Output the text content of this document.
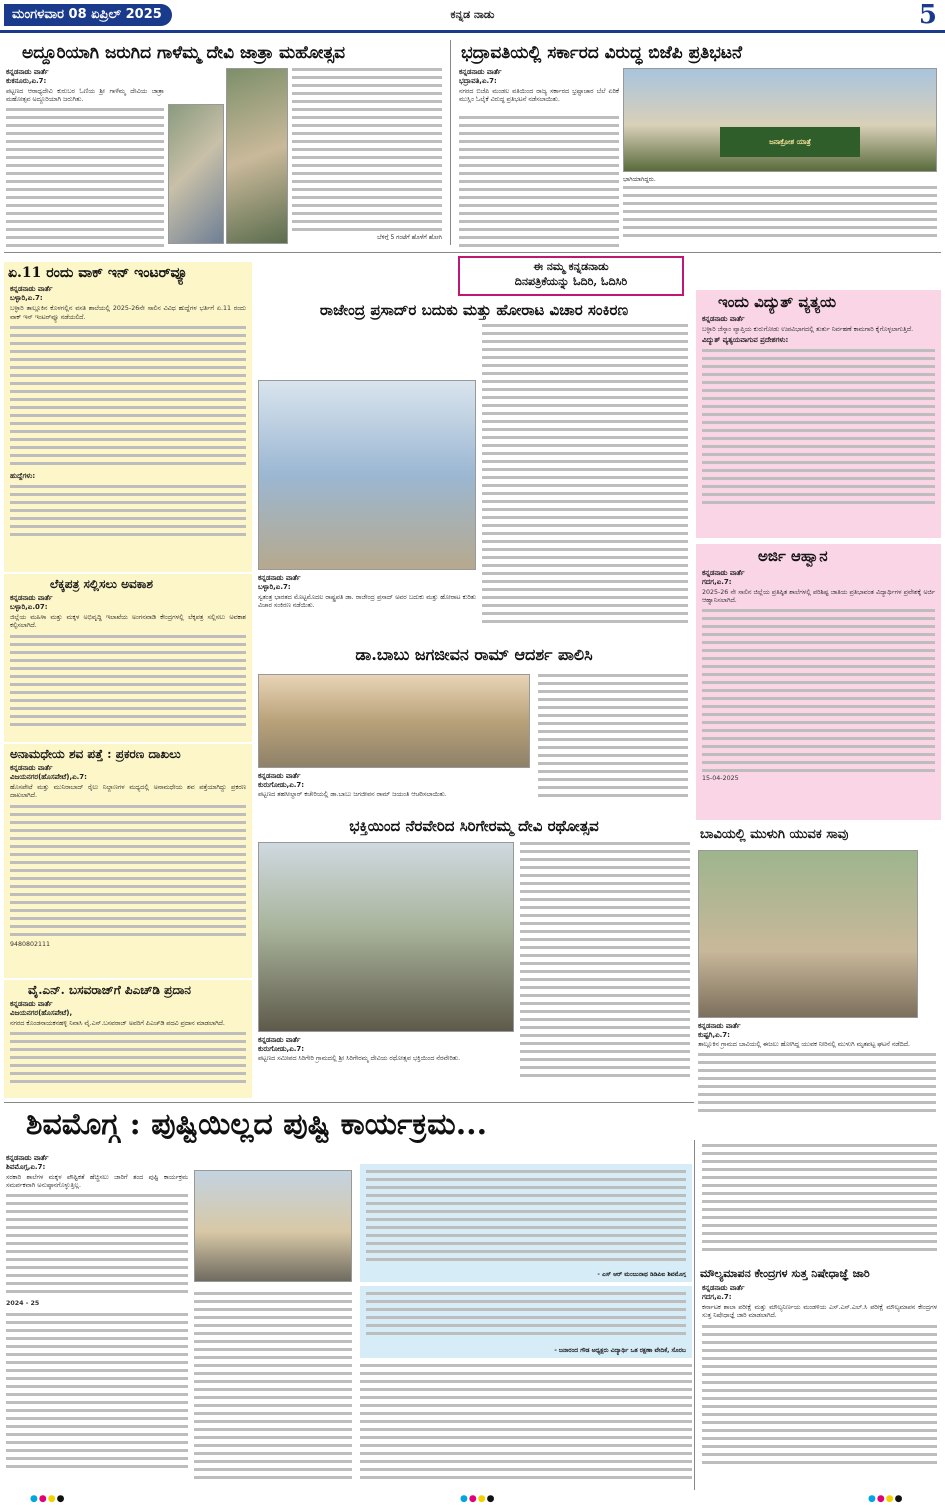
ಮಂಗಳವಾರ 08 ಏಪ್ರಿಲ್ 2025	ಕನ್ನಡ ನಾಡು	5
ಅದ್ದೂರಿಯಾಗಿ ಜರುಗಿದ ಗಾಳೆಮ್ಮ ದೇವಿ ಜಾತ್ರಾ ಮಹೋತ್ಸವ
ಕನ್ನಡನಾಡು ವಾರ್ತೆ
ಕುಕನೂರು,ಏ.7:
ಪಟ್ಟಣದ ಆರಾಧ್ಯದೇವಿ ಕುರುಬರ ಓಣಿಯ ಶ್ರೀ ಗಾಳೆಮ್ಮ ದೇವಿಯ ಜಾತ್ರಾ ಮಹೋತ್ಸವ ಅದ್ದೂರಿಯಾಗಿ ಜರುಗಿತು.
ಬೆಳಿಗ್ಗೆ 5 ಗಂಟೆಗೆ ಹೊಳೆಗೆ ಹೋಗಿ
ಭದ್ರಾವತಿಯಲ್ಲಿ ಸರ್ಕಾರದ ವಿರುದ್ಧ ಬಿಜೆಪಿ ಪ್ರತಿಭಟನೆ
ಕನ್ನಡನಾಡು ವಾರ್ತೆ
ಭದ್ರಾವತಿ,ಏ.7:
ನಗರದ ಬಿಜೆಪಿ ಮಂಡಲ ವತಿಯಿಂದ ರಾಜ್ಯ ಸರ್ಕಾರದ ಭ್ರಷ್ಟಾಚಾರ ಬೆಲೆ ಏರಿಕೆ ಮುಸ್ಲಿಂ ಓಲೈಕೆ ವಿರುದ್ಧ ಪ್ರತಿಭಟನೆ ನಡೆಸಲಾಯಿತು.
ಜನಾಕ್ರೋಶ ಯಾತ್ರೆ
ಭಾಗಿಯಾಗಿದ್ದರು.
ಈ ನಮ್ಮ ಕನ್ನಡನಾಡು
ದಿನಪತ್ರಿಕೆಯನ್ನು ಓದಿರಿ, ಓದಿಸಿರಿ
ಏ.11 ರಂದು ವಾಕ್ ಇನ್ ಇಂಟರ್‌ವ್ಯೂ
ಕನ್ನಡನಾಡು ವಾರ್ತೆ
ಬಳ್ಳಾರಿ,ಏ.7:
ಬಳ್ಳಾರಿ ತಾಲ್ಲೂಕಿನ ಕೊಳಗಲ್ಲಿನ ವಸತಿ ಶಾಲೆಯಲ್ಲಿ 2025-26ನೇ ಸಾಲಿನ ವಿವಿಧ ಹುದ್ದೆಗಳ ಭರ್ತಿಗೆ ಏ.11 ರಂದು ವಾಕ್ ಇನ್ ಇಂಟರ್‌ವ್ಯೂ ನಡೆಯಲಿದೆ.
ಹುದ್ದೆಗಳು:
ಲೆಕ್ಕಪತ್ರ ಸಲ್ಲಿಸಲು ಅವಕಾಶ
ಕನ್ನಡನಾಡು ವಾರ್ತೆ
ಬಳ್ಳಾರಿ,ಏ.07:
ಜಿಲ್ಲೆಯ ಮಹಿಳಾ ಮತ್ತು ಮಕ್ಕಳ ಅಭಿವೃದ್ಧಿ ಇಲಾಖೆಯ ಅಂಗನವಾಡಿ ಕೇಂದ್ರಗಳಲ್ಲಿ ಲೆಕ್ಕಪತ್ರ ಸಲ್ಲಿಸಲು ಅವಕಾಶ ಕಲ್ಪಿಸಲಾಗಿದೆ.
ಅನಾಮಧೇಯ ಶವ ಪತ್ತೆ : ಪ್ರಕರಣ ದಾಖಲು
ಕನ್ನಡನಾಡು ವಾರ್ತೆ
ವಿಜಯನಗರ(ಹೊಸಪೇಟೆ),ಏ.7:
ಹೊಸಪೇಟೆ ಮತ್ತು ಮುನಿರಾಬಾದ್ ರೈಲು ನಿಲ್ದಾಣಗಳ ಮಧ್ಯದಲ್ಲಿ ಅನಾಮಧೇಯ ಶವ ಪತ್ತೆಯಾಗಿದ್ದು ಪ್ರಕರಣ ದಾಖಲಾಗಿದೆ.
9480802111
ವೈ.ಎನ್. ಬಸವರಾಜ್‌ಗೆ ಪಿಎಚ್‌ಡಿ ಪ್ರದಾನ
ಕನ್ನಡನಾಡು ವಾರ್ತೆ
ವಿಜಯನಗರ(ಹೊಸಪೇಟೆ),
ನಗರದ ಕೊಂಡನಾಯಕನಹಳ್ಳಿ ನಿವಾಸಿ ವೈ.ಎನ್.ಬಸವರಾಜ್ ಅವರಿಗೆ ಪಿಎಚ್‌ಡಿ ಪದವಿ ಪ್ರದಾನ ಮಾಡಲಾಗಿದೆ.
ರಾಜೇಂದ್ರ ಪ್ರಸಾದ್‌ರ ಬದುಕು ಮತ್ತು ಹೋರಾಟ ವಿಚಾರ ಸಂಕಿರಣ
ಕನ್ನಡನಾಡು ವಾರ್ತೆ
ಬಳ್ಳಾರಿ,ಏ.7:
ಸ್ವತಂತ್ರ ಭಾರತದ ಮೊಟ್ಟಮೊದಲ ರಾಷ್ಟ್ರಪತಿ ಡಾ. ರಾಜೇಂದ್ರ ಪ್ರಸಾದ್ ಅವರ ಬದುಕು ಮತ್ತು ಹೋರಾಟ ಕುರಿತು ವಿಚಾರ ಸಂಕಿರಣ ನಡೆಯಿತು.
ಇಂದು ವಿದ್ಯುತ್ ವ್ಯತ್ಯಯ
ಕನ್ನಡನಾಡು ವಾರ್ತೆ
ಬಳ್ಳಾರಿ ಜೆಸ್ಕಾಂ ವ್ಯಾಪ್ತಿಯ ಕುರುಗೋಡು ಉಪವಿಭಾಗದಲ್ಲಿ ತುರ್ತು ನಿರ್ವಹಣೆ ಕಾಮಗಾರಿ ಕೈಗೊಳ್ಳಲಾಗುತ್ತಿದೆ.
ವಿದ್ಯುತ್ ವ್ಯತ್ಯಯವಾಗುವ ಪ್ರದೇಶಗಳು:
ಅರ್ಜಿ ಆಹ್ವಾನ
ಕನ್ನಡನಾಡು ವಾರ್ತೆ
ಗದಗ,ಏ.7:
2025-26 ನೇ ಸಾಲಿನ ಜಿಲ್ಲೆಯ ಪ್ರತಿಷ್ಠಿತ ಶಾಲೆಗಳಲ್ಲಿ ಪರಿಶಿಷ್ಟ ಜಾತಿಯ ಪ್ರತಿಭಾವಂತ ವಿದ್ಯಾರ್ಥಿಗಳ ಪ್ರವೇಶಕ್ಕೆ ಅರ್ಜಿ ಆಹ್ವಾನಿಸಲಾಗಿದೆ.
15-04-2025
ಡಾ.ಬಾಬು ಜಗಜೀವನ ರಾಮ್ ಆದರ್ಶ ಪಾಲಿಸಿ
ಕನ್ನಡನಾಡು ವಾರ್ತೆ
ಕುರುಗೋಡು,ಏ.7:
ಪಟ್ಟಣದ ತಹಸೀಲ್ದಾರ್ ಕಚೇರಿಯಲ್ಲಿ ಡಾ.ಬಾಬು ಜಗಜೀವನ ರಾಮ್ ಜಯಂತಿ ಆಚರಿಸಲಾಯಿತು.
ಬಾವಿಯಲ್ಲಿ ಮುಳುಗಿ ಯುವಕ ಸಾವು
ಕನ್ನಡನಾಡು ವಾರ್ತೆ
ಕುಷ್ಟಗಿ,ಏ.7:
ತಾಲ್ಲೂಕಿನ ಗ್ರಾಮದ ಬಾವಿಯಲ್ಲಿ ಈಜಲು ಹೋಗಿದ್ದ ಯುವಕ ನೀರಿನಲ್ಲಿ ಮುಳುಗಿ ಮೃತಪಟ್ಟ ಘಟನೆ ನಡೆದಿದೆ.
ಭಕ್ತಿಯಿಂದ ನೆರವೇರಿದ ಸಿರಿಗೇರಮ್ಮ ದೇವಿ ರಥೋತ್ಸವ
ಕನ್ನಡನಾಡು ವಾರ್ತೆ
ಕುರುಗೋಡು,ಏ.7:
ಪಟ್ಟಣದ ಸಮೀಪದ ಸಿರಿಗೇರಿ ಗ್ರಾಮದಲ್ಲಿ ಶ್ರೀ ಸಿರಿಗೇರಮ್ಮ ದೇವಿಯ ರಥೋತ್ಸವ ಭಕ್ತಿಯಿಂದ ನೆರವೇರಿತು.
ಶಿವಮೊಗ್ಗ : ಪುಷ್ಟಿಯಿಲ್ಲದ ಪುಷ್ಟಿ ಕಾರ್ಯಕ್ರಮ...
ಕನ್ನಡನಾಡು ವಾರ್ತೆ
ಶಿವಮೊಗ್ಗ,ಏ.7:
ಸರಕಾರಿ ಶಾಲೆಗಳ ಮಕ್ಕಳ ಪೌಷ್ಟಿಕತೆ ಹೆಚ್ಚಿಸಲು ಜಾರಿಗೆ ತಂದ ಪುಷ್ಟಿ ಕಾರ್ಯಕ್ರಮ ಸಮರ್ಪಕವಾಗಿ ಅನುಷ್ಠಾನಗೊಳ್ಳುತ್ತಿಲ್ಲ.
2024 - 25
- ಎಸ್ ಆರ್ ಮಂಜುನಾಥ ಡಿಡಿಪಿಐ ಶಿವಮೊಗ್ಗ
- ಜನಾರಂದ ಗೌಡ ಅಧ್ಯಕ್ಷರು ವಿದ್ಯಾರ್ಥಿ ಒತ ರಕ್ಷಣಾ ವೇದಿಕೆ, ಸೊರಬ
ಮೌಲ್ಯಮಾಪನ ಕೇಂದ್ರಗಳ ಸುತ್ತ ನಿಷೇಧಾಜ್ಞೆ ಜಾರಿ
ಕನ್ನಡನಾಡು ವಾರ್ತೆ
ಗದಗ,ಏ.7:
ಕರ್ನಾಟಕ ಶಾಲಾ ಪರೀಕ್ಷೆ ಮತ್ತು ಮೌಲ್ಯನಿರ್ಣಯ ಮಂಡಳಿಯ ಎಸ್.ಎಸ್.ಎಲ್.ಸಿ ಪರೀಕ್ಷೆ ಮೌಲ್ಯಮಾಪನ ಕೇಂದ್ರಗಳ ಸುತ್ತ ನಿಷೇಧಾಜ್ಞೆ ಜಾರಿ ಮಾಡಲಾಗಿದೆ.
●●●●	●●●●	●●●●
